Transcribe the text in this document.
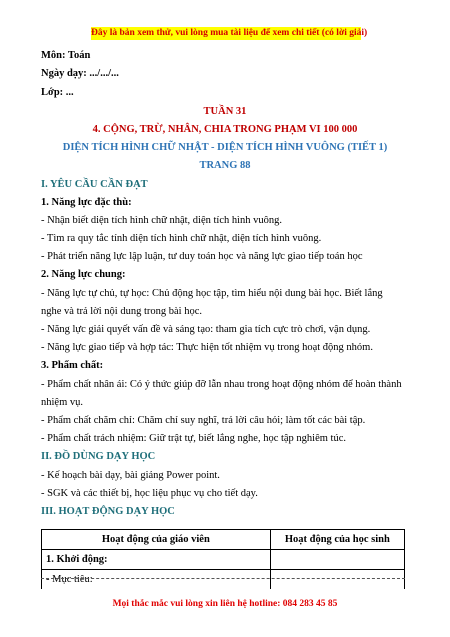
Đây là bản xem thử, vui lòng mua tài liệu để xem chi tiết (có lời giải)
Môn: Toán
Ngày dạy: .../.../...
Lớp: ...
TUẦN 31
4. CỘNG, TRỪ, NHÂN, CHIA TRONG PHẠM VI 100 000
DIỆN TÍCH HÌNH CHỮ NHẬT - DIỆN TÍCH HÌNH VUÔNG (TIẾT 1)
TRANG 88
I. YÊU CẦU CẦN ĐẠT
1. Năng lực đặc thù:
- Nhận biết diện tích hình chữ nhật, diện tích hình vuông.
- Tìm ra quy tắc tính diện tích hình chữ nhật, diện tích hình vuông.
- Phát triển năng lực lập luận, tư duy toán học và năng lực giao tiếp toán học
2. Năng lực chung:
- Năng lực tự chủ, tự học: Chủ động học tập, tìm hiểu nội dung bài học. Biết lắng
nghe và trả lời nội dung trong bài học.
- Năng lực giải quyết vấn đề và sáng tạo: tham gia tích cực trò chơi, vận dụng.
- Năng lực giao tiếp và hợp tác: Thực hiện tốt nhiệm vụ trong hoạt động nhóm.
3. Phẩm chất:
- Phẩm chất nhân ái: Có ý thức giúp đỡ lẫn nhau trong hoạt động nhóm để hoàn thành
nhiệm vụ.
- Phẩm chất chăm chỉ: Chăm chỉ suy nghĩ, trả lời câu hỏi; làm tốt các bài tập.
- Phẩm chất trách nhiệm: Giữ trật tự, biết lắng nghe, học tập nghiêm túc.
II. ĐỒ DÙNG DẠY HỌC
- Kế hoạch bài dạy, bài giảng Power point.
- SGK và các thiết bị, học liệu phục vụ cho tiết dạy.
III. HOẠT ĐỘNG DẠY HỌC
Hoạt động của giáo viên	Hoạt động của học sinh
1. Khởi động:	
- Mục tiêu:	
Mọi thắc mắc vui lòng xin liên hệ hotline: 084 283 45 85
